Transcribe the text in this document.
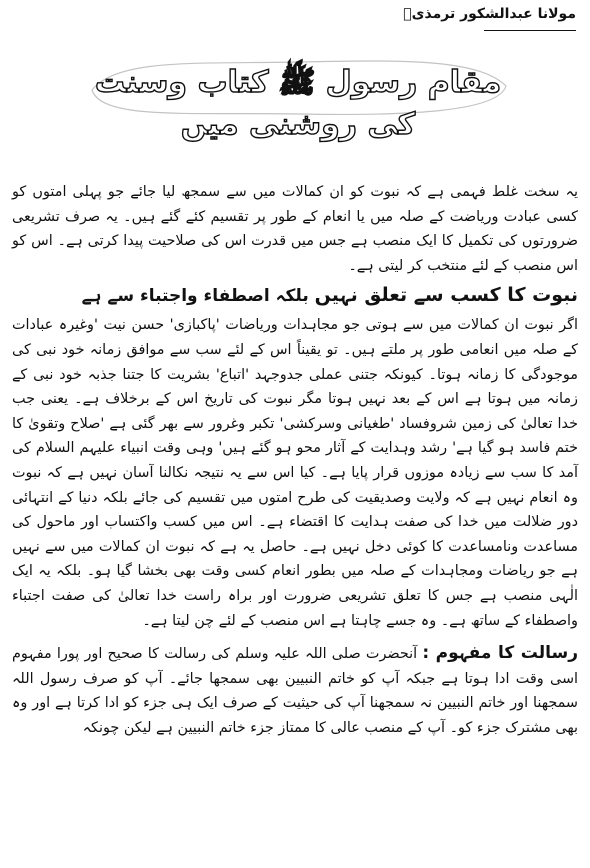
مولانا عبدالشکور ترمذیؒ
مقام رسول ﷺ کتاب وسنت کی روشنی میں

یہ سخت غلط فہمی ہے کہ نبوت کو ان کمالات میں سے سمجھ لیا جائے جو پہلی امتوں کو کسی عبادت وریاضت کے صلہ میں یا انعام کے طور پر تقسیم کئے گئے ہیں۔ یہ صرف تشریعی ضرورتوں کی تکمیل کا ایک منصب ہے جس میں قدرت اس کی صلاحیت پیدا کرتی ہے۔ اس کو اس منصب کے لئے منتخب کر لیتی ہے۔

نبوت کا کسب سے تعلق نہیں بلکہ اصطفاء واجتباء سے ہے

اگر نبوت ان کمالات میں سے ہوتی جو مجاہدات وریاضات 'پاکبازی' حسن نیت 'وغیرہ عبادات کے صلہ میں انعامی طور پر ملتے ہیں۔ تو یقیناً اس کے لئے سب سے موافق زمانہ خود نبی کی موجودگی کا زمانہ ہوتا۔ کیونکہ جتنی عملی جدوجہد 'اتباع' بشریت کا جتنا جذبہ خود نبی کے زمانہ میں ہوتا ہے اس کے بعد نہیں ہوتا مگر نبوت کی تاریخ اس کے برخلاف ہے۔ یعنی جب خدا تعالیٰ کی زمین شروفساد 'طغیانی وسرکشی' تکبر وغرور سے بھر گئی ہے 'صلاح وتقویٰ کا ختم فاسد ہو گیا ہے' رشد وہدایت کے آثار محو ہو گئے ہیں' وہی وقت انبیاء علیہم السلام کی آمد کا سب سے زیادہ موزوں قرار پایا ہے۔ کیا اس سے یہ نتیجہ نکالنا آسان نہیں ہے کہ نبوت وہ انعام نہیں ہے کہ ولایت وصدیقیت کی طرح امتوں میں تقسیم کی جائے بلکہ دنیا کے انتہائی دور ضلالت میں خدا کی صفت ہدایت کا اقتضاء ہے۔ اس میں کسب واکتساب اور ماحول کی مساعدت ونامساعدت کا کوئی دخل نہیں ہے۔ حاصل یہ ہے کہ نبوت ان کمالات میں سے نہیں ہے جو ریاضات ومجاہدات کے صلہ میں بطور انعام کسی وقت بھی بخشا گیا ہو۔ بلکہ یہ ایک الٰہی منصب ہے جس کا تعلق تشریعی ضرورت اور براہ راست خدا تعالیٰ کی صفت اجتباء واصطفاء کے ساتھ ہے۔ وہ جسے چاہتا ہے اس منصب کے لئے چن لیتا ہے۔

رسالت کا مفہوم : آنحضرت صلی اللہ علیہ وسلم کی رسالت کا صحیح اور پورا مفہوم اسی وقت ادا ہوتا ہے جبکہ آپ کو خاتم النبیین بھی سمجھا جائے۔ آپ کو صرف رسول اللہ سمجھنا اور خاتم النبیین نہ سمجھنا آپ کی حیثیت کے صرف ایک ہی جزء کو ادا کرتا ہے اور وہ بھی مشترک جزء کو۔ آپ کے منصب عالی کا ممتاز جزء خاتم النبیین ہے لیکن چونکہ
